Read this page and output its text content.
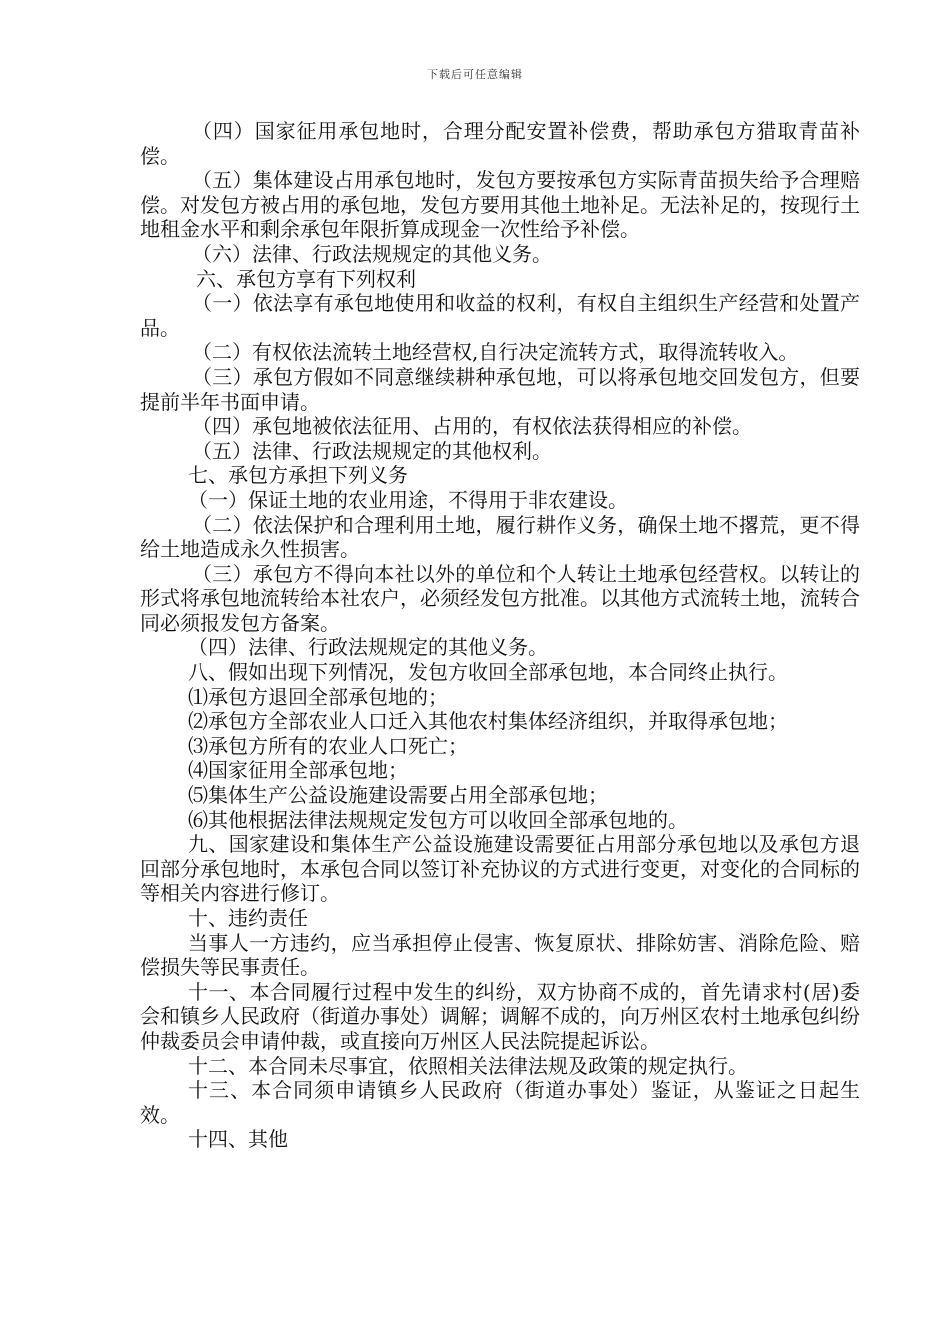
下载后可任意编辑

（四）国家征用承包地时，合理分配安置补偿费，帮助承包方猎取青苗补偿。

（五）集体建设占用承包地时，发包方要按承包方实际青苗损失给予合理赔偿。对发包方被占用的承包地，发包方要用其他土地补足。无法补足的，按现行土地租金水平和剩余承包年限折算成现金一次性给予补偿。

（六）法律、行政法规规定的其他义务。

六、承包方享有下列权利

（一）依法享有承包地使用和收益的权利，有权自主组织生产经营和处置产品。

（二）有权依法流转土地经营权,自行决定流转方式，取得流转收入。

（三）承包方假如不同意继续耕种承包地，可以将承包地交回发包方，但要提前半年书面申请。

（四）承包地被依法征用、占用的，有权依法获得相应的补偿。

（五）法律、行政法规规定的其他权利。

七、承包方承担下列义务

（一）保证土地的农业用途，不得用于非农建设。

（二）依法保护和合理利用土地，履行耕作义务，确保土地不撂荒，更不得给土地造成永久性损害。

（三）承包方不得向本社以外的单位和个人转让土地承包经营权。以转让的形式将承包地流转给本社农户，必须经发包方批准。以其他方式流转土地，流转合同必须报发包方备案。

（四）法律、行政法规规定的其他义务。

八、假如出现下列情况，发包方收回全部承包地，本合同终止执行。

⑴承包方退回全部承包地的；

⑵承包方全部农业人口迁入其他农村集体经济组织，并取得承包地；

⑶承包方所有的农业人口死亡；

⑷国家征用全部承包地；

⑸集体生产公益设施建设需要占用全部承包地；

⑹其他根据法律法规规定发包方可以收回全部承包地的。

九、国家建设和集体生产公益设施建设需要征占用部分承包地以及承包方退回部分承包地时，本承包合同以签订补充协议的方式进行变更，对变化的合同标的等相关内容进行修订。

十、违约责任

当事人一方违约，应当承担停止侵害、恢复原状、排除妨害、消除危险、赔偿损失等民事责任。

十一、本合同履行过程中发生的纠纷，双方协商不成的，首先请求村(居)委会和镇乡人民政府（街道办事处）调解；调解不成的，向万州区农村土地承包纠纷仲裁委员会申请仲裁，或直接向万州区人民法院提起诉讼。

十二、本合同未尽事宜，依照相关法律法规及政策的规定执行。

十三、本合同须申请镇乡人民政府（街道办事处）鉴证，从鉴证之日起生效。

十四、其他
